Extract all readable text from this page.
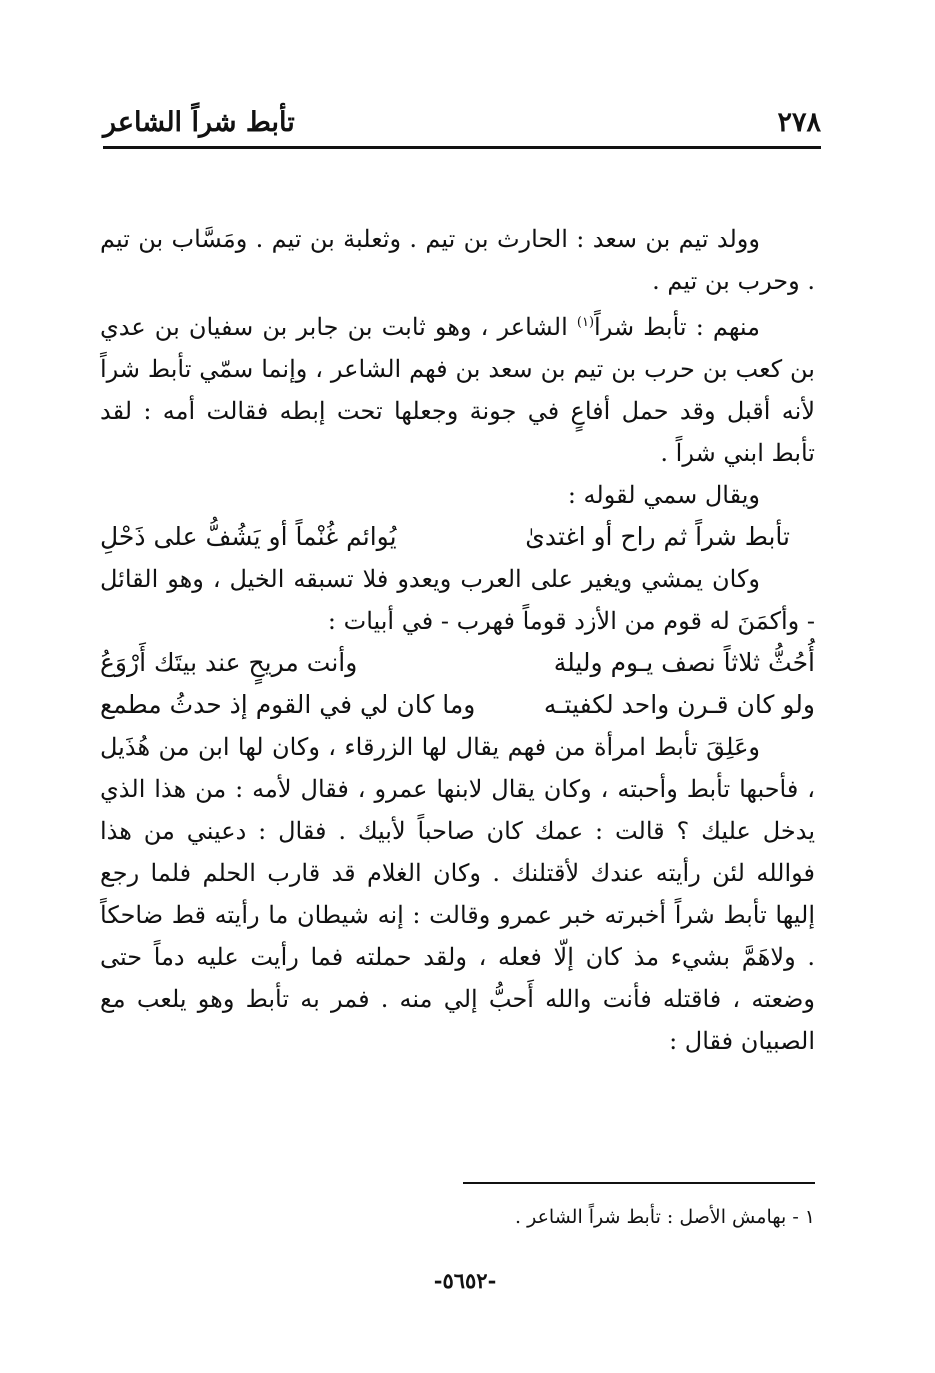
٢٧٨
تأبط شراً الشاعر

وولد تيم بن سعد : الحارث بن تيم . وثعلبة بن تيم . ومَسَّاب بن تيم . وحرب بن تيم .

منهم : تأبط شراً$^{(١)}$ الشاعر ، وهو ثابت بن جابر بن سفيان بن عدي بن كعب بن حرب بن تيم بن سعد بن فهم الشاعر ، وإنما سمّي تأبط شراً لأنه أقبل وقد حمل أفاعٍ في جونة وجعلها تحت إبطه فقالت أمه : لقد تأبط ابني شراً .

ويقال سمي لقوله :

تأبط شراً ثم راح أو اغتدىٰ
يُوائم غُنْماً أو يَشُفُّ على ذَحْلِ

وكان يمشي ويغير على العرب ويعدو فلا تسبقه الخيل ، وهو القائل - وأكمَنَ له قوم من الأزد قوماً فهرب - في أبيات :

أُحُثُّ ثلاثاً نصف يـوم وليلة
وأنت مريحٍ عند بيتَك أَرْوَعُ
ولو كان قـرن واحد لكفيتـه
وما كان لي في القوم إذ حدثُ مطمع

وعَلِقَ تأبط امرأة من فهم يقال لها الزرقاء ، وكان لها ابن من هُذَيل ، فأحبها تأبط وأحبته ، وكان يقال لابنها عمرو ، فقال لأمه : من هذا الذي يدخل عليك ؟ قالت : عمك كان صاحباً لأبيك . فقال : دعيني من هذا فوالله لئن رأيته عندك لأقتلنك . وكان الغلام قد قارب الحلم فلما رجع إليها تأبط شراً أخبرته خبر عمرو وقالت : إنه شيطان ما رأيته قط ضاحكاً . ولاهَمَّ بشيء مذ كان إلّا فعله ، ولقد حملته فما رأيت عليه دماً حتى وضعته ، فاقتله فأنت والله أَحبُّ إلي منه . فمر به تأبط وهو يلعب مع الصبيان فقال :

١ - بهامش الأصل : تأبط شراً الشاعر .
-٥٦٥٢-
